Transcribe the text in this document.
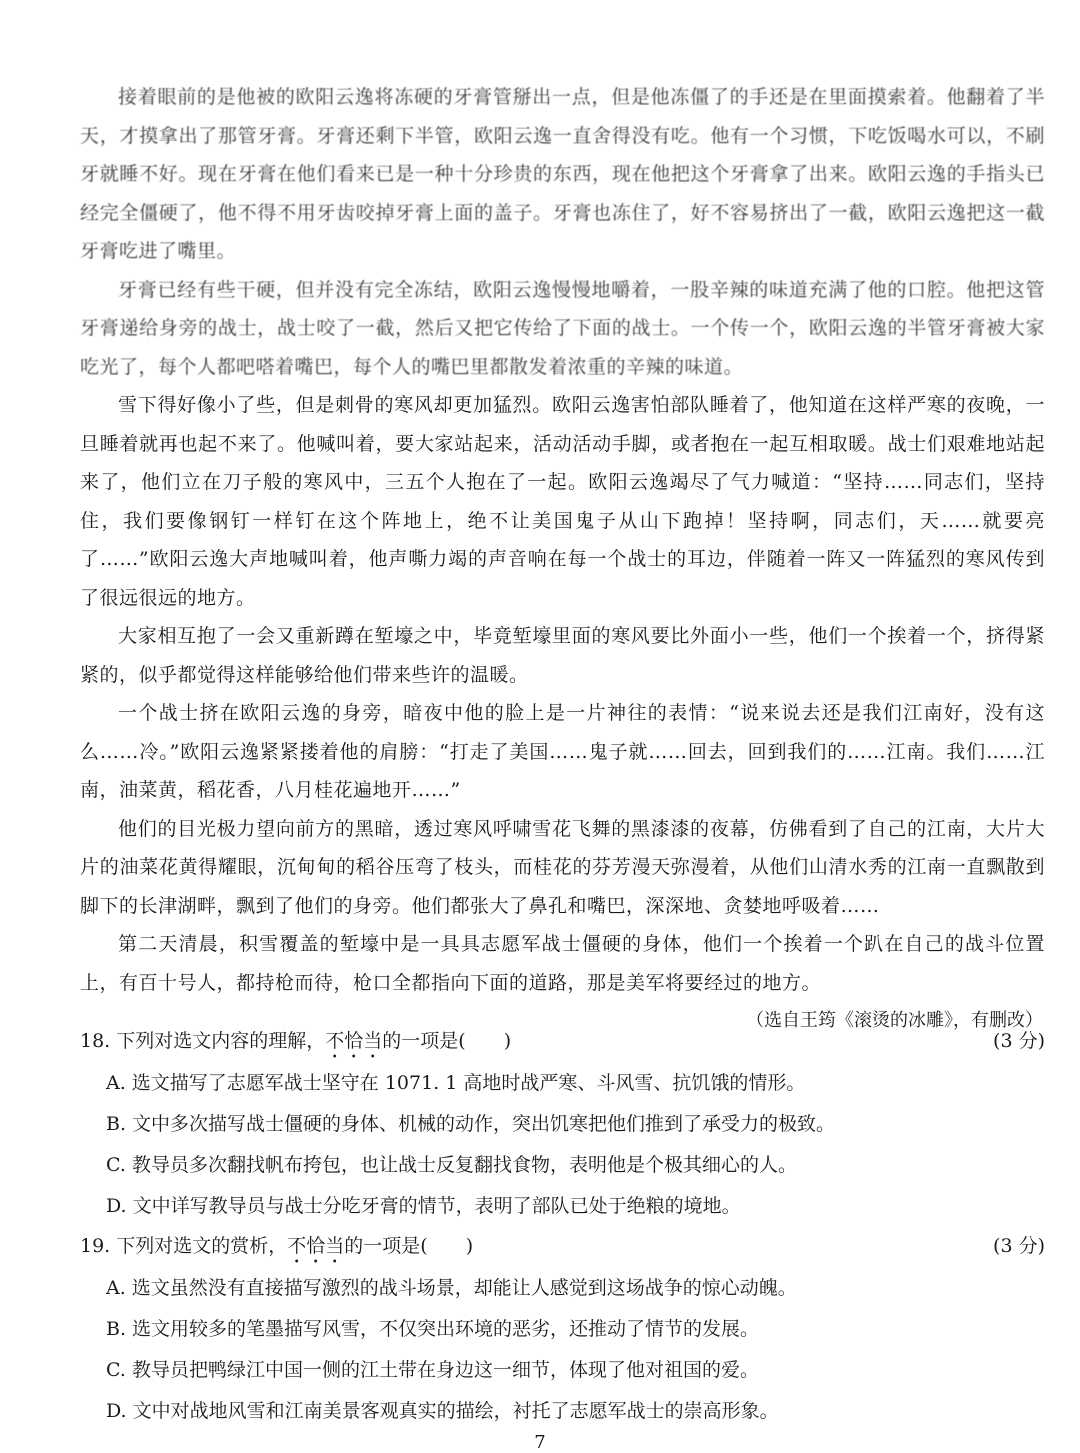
接着眼前的是他被的欧阳云逸将冻硬的牙膏管掰出一点，但是他冻僵了的手还是在里面摸索着。他翻着了半天，才摸拿出了那管牙膏。牙膏还剩下半管，欧阳云逸一直舍得没有吃。他有一个习惯，下吃饭喝水可以，不刷牙就睡不好。现在牙膏在他们看来已是一种十分珍贵的东西，现在他把这个牙膏拿了出来。欧阳云逸的手指头已经完全僵硬了，他不得不用牙齿咬掉牙膏上面的盖子。牙膏也冻住了，好不容易挤出了一截，欧阳云逸把这一截牙膏吃进了嘴里。

牙膏已经有些干硬，但并没有完全冻结，欧阳云逸慢慢地嚼着，一股辛辣的味道充满了他的口腔。他把这管牙膏递给身旁的战士，战士咬了一截，然后又把它传给了下面的战士。一个传一个，欧阳云逸的半管牙膏被大家吃光了，每个人都吧嗒着嘴巴，每个人的嘴巴里都散发着浓重的辛辣的味道。

雪下得好像小了些，但是刺骨的寒风却更加猛烈。欧阳云逸害怕部队睡着了，他知道在这样严寒的夜晚，一旦睡着就再也起不来了。他喊叫着，要大家站起来，活动活动手脚，或者抱在一起互相取暖。战士们艰难地站起来了，他们立在刀子般的寒风中，三五个人抱在了一起。欧阳云逸竭尽了气力喊道：“坚持……同志们，坚持住，我们要像钢钉一样钉在这个阵地上，绝不让美国鬼子从山下跑掉！坚持啊，同志们，天……就要亮了……”欧阳云逸大声地喊叫着，他声嘶力竭的声音响在每一个战士的耳边，伴随着一阵又一阵猛烈的寒风传到了很远很远的地方。

大家相互抱了一会又重新蹲在堑壕之中，毕竟堑壕里面的寒风要比外面小一些，他们一个挨着一个，挤得紧紧的，似乎都觉得这样能够给他们带来些许的温暖。

一个战士挤在欧阳云逸的身旁，暗夜中他的脸上是一片神往的表情：“说来说去还是我们江南好，没有这么……冷。”欧阳云逸紧紧搂着他的肩膀：“打走了美国……鬼子就……回去，回到我们的……江南。我们……江南，油菜黄，稻花香，八月桂花遍地开……”

他们的目光极力望向前方的黑暗，透过寒风呼啸雪花飞舞的黑漆漆的夜幕，仿佛看到了自己的江南，大片大片的油菜花黄得耀眼，沉甸甸的稻谷压弯了枝头，而桂花的芬芳漫天弥漫着，从他们山清水秀的江南一直飘散到脚下的长津湖畔，飘到了他们的身旁。他们都张大了鼻孔和嘴巴，深深地、贪婪地呼吸着……

第二天清晨，积雪覆盖的堑壕中是一具具志愿军战士僵硬的身体，他们一个挨着一个趴在自己的战斗位置上，有百十号人，都持枪而待，枪口全都指向下面的道路，那是美军将要经过的地方。

（选自王筠《滚烫的冰雕》，有删改）

18. 下列对选文内容的理解，不恰当的一项是(　　)	(3 分)

A. 选文描写了志愿军战士坚守在 1071. 1 高地时战严寒、斗风雪、抗饥饿的情形。

B. 文中多次描写战士僵硬的身体、机械的动作，突出饥寒把他们推到了承受力的极致。

C. 教导员多次翻找帆布挎包，也让战士反复翻找食物，表明他是个极其细心的人。

D. 文中详写教导员与战士分吃牙膏的情节，表明了部队已处于绝粮的境地。

19. 下列对选文的赏析，不恰当的一项是(　　)	(3 分)

A. 选文虽然没有直接描写激烈的战斗场景，却能让人感觉到这场战争的惊心动魄。

B. 选文用较多的笔墨描写风雪，不仅突出环境的恶劣，还推动了情节的发展。

C. 教导员把鸭绿江中国一侧的江土带在身边这一细节，体现了他对祖国的爱。

D. 文中对战地风雪和江南美景客观真实的描绘，衬托了志愿军战士的崇高形象。

7
